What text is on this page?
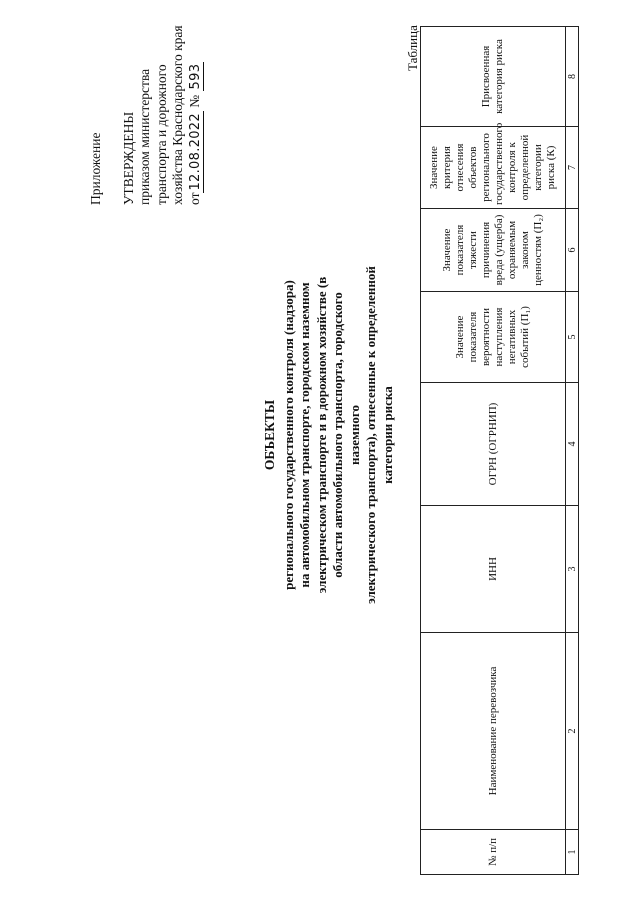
Приложение УТВЕРЖДЕНЫ приказом министерства транспорта и дорожного хозяйства Краснодарского края от12.08.2022 № 593
ОБЪЕКТЫ регионального государственного контроля (надзора) на автомобильном транспорте, городском наземном электрическом транспорте и в дорожном хозяйстве (в области автомобильного транспорта, городского наземного электрического транспорта), отнесенные к определенной категории риска
Таблица
№ п/п	Наименование перевозчика	ИНН	ОГРН (ОГРНИП)	Значение показателя вероятности наступления негативных событий (П₁)	Значение показателя тяжести причинения вреда (ущерба) охраняемым законом ценностям (П₂)	Значение критерия отнесения объектов регионального государственного контроля к определенной категории риска (К)	Присвоенная категория риска
1	2	3	4	5	6	7	8
